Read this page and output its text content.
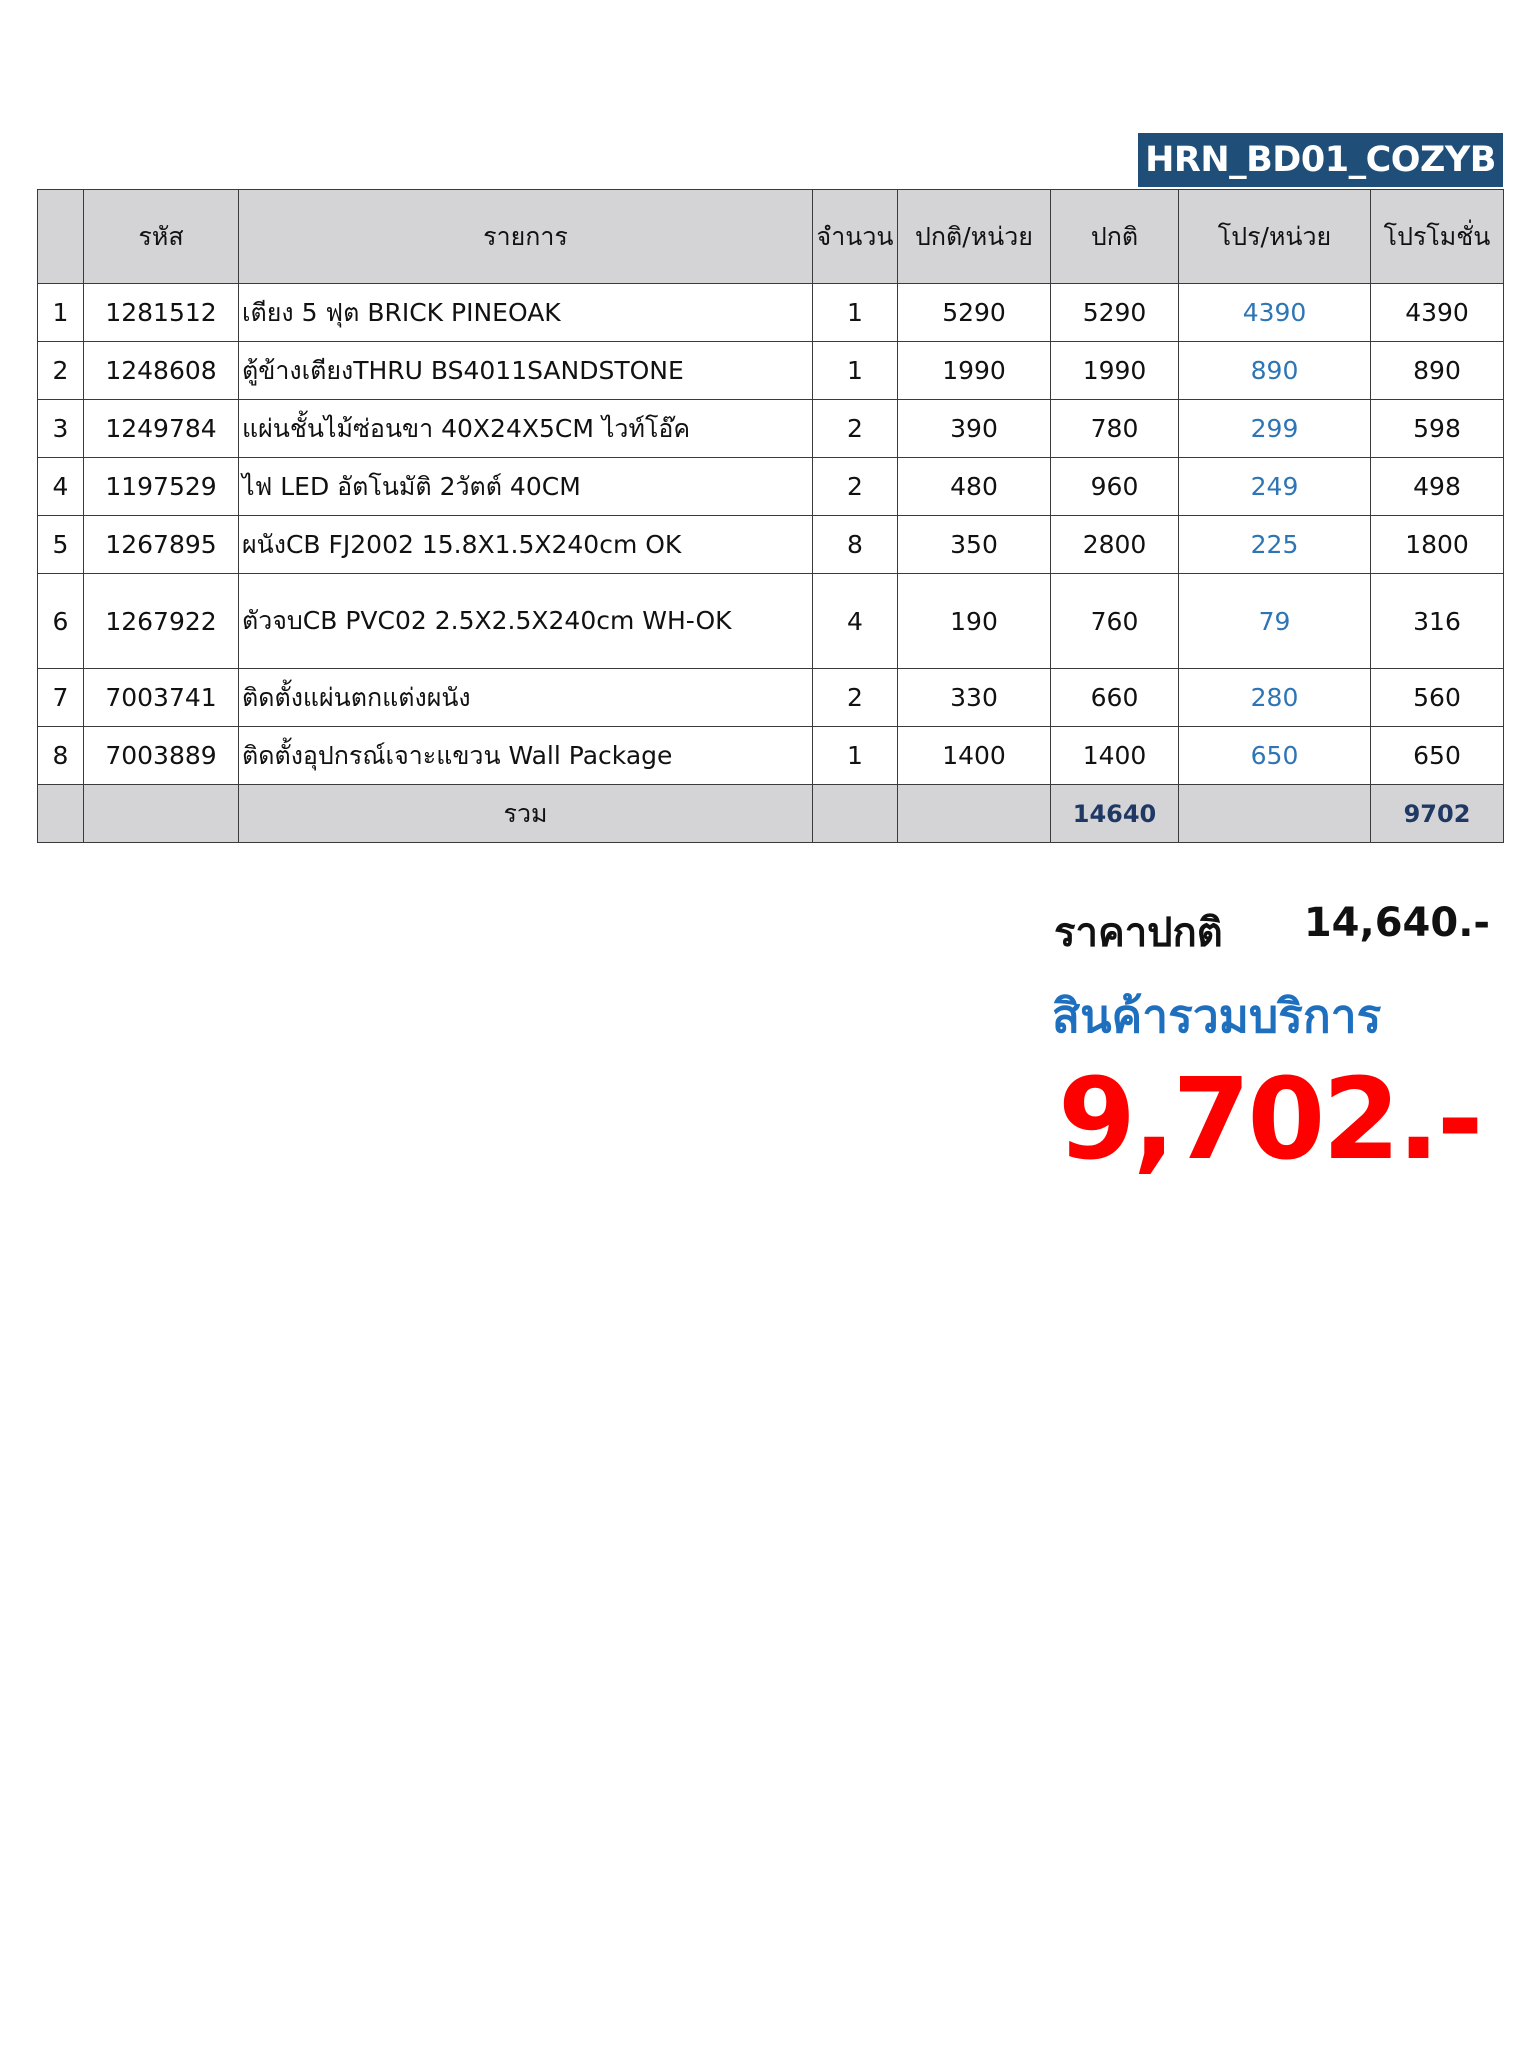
HRN_BD01_COZYB
	รหัส	รายการ	จำนวน	ปกติ/หน่วย	ปกติ	โปร/หน่วย	โปรโมชั่น
1	1281512	เตียง 5 ฟุต BRICK PINEOAK	1	5290	5290	4390	4390
2	1248608	ตู้ข้างเตียงTHRU BS4011SANDSTONE	1	1990	1990	890	890
3	1249784	แผ่นชั้นไม้ซ่อนขา 40X24X5CM ไวท์โอ๊ค	2	390	780	299	598
4	1197529	ไฟ LED อัตโนมัติ 2วัตต์ 40CM	2	480	960	249	498
5	1267895	ผนังCB FJ2002 15.8X1.5X240cm OK	8	350	2800	225	1800
6	1267922	ตัวจบCB PVC02 2.5X2.5X240cm WH-OK	4	190	760	79	316
7	7003741	ติดตั้งแผ่นตกแต่งผนัง	2	330	660	280	560
8	7003889	ติดตั้งอุปกรณ์เจาะแขวน Wall Package	1	1400	1400	650	650
		รวม			14640		9702
ราคาปกติ 14,640.-
สินค้ารวมบริการ
9,702.-
